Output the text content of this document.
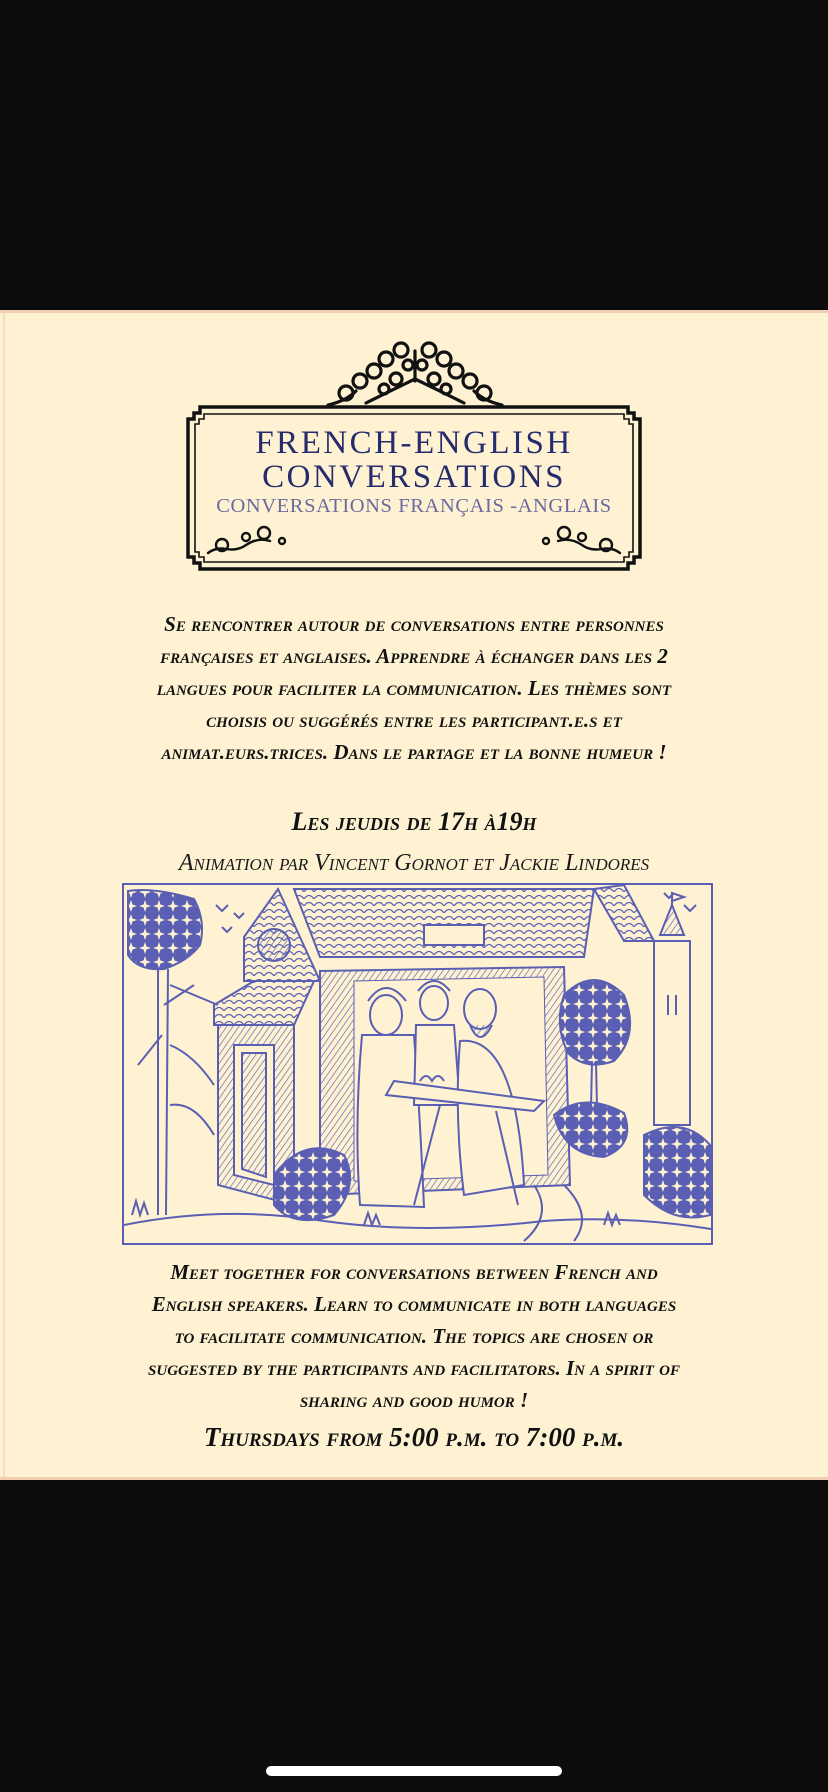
FRENCH-ENGLISH
CONVERSATIONS
CONVERSATIONS FRANÇAIS -ANGLAIS
Se rencontrer autour de conversations entre personnes
françaises et anglaises. Apprendre à échanger dans les 2
langues pour faciliter la communication. Les thèmes sont
choisis ou suggérés entre les participant.e.s et
animat.eurs.trices. Dans le partage et la bonne humeur !
Les jeudis de 17h à19h
Animation par Vincent Gornot et Jackie Lindores
Meet together for conversations between French and
English speakers. Learn to communicate in both languages
to facilitate communication. The topics are chosen or
suggested by the participants and facilitators. In a spirit of
sharing and good humor !
Thursdays from 5:00 p.m. to 7:00 p.m.
